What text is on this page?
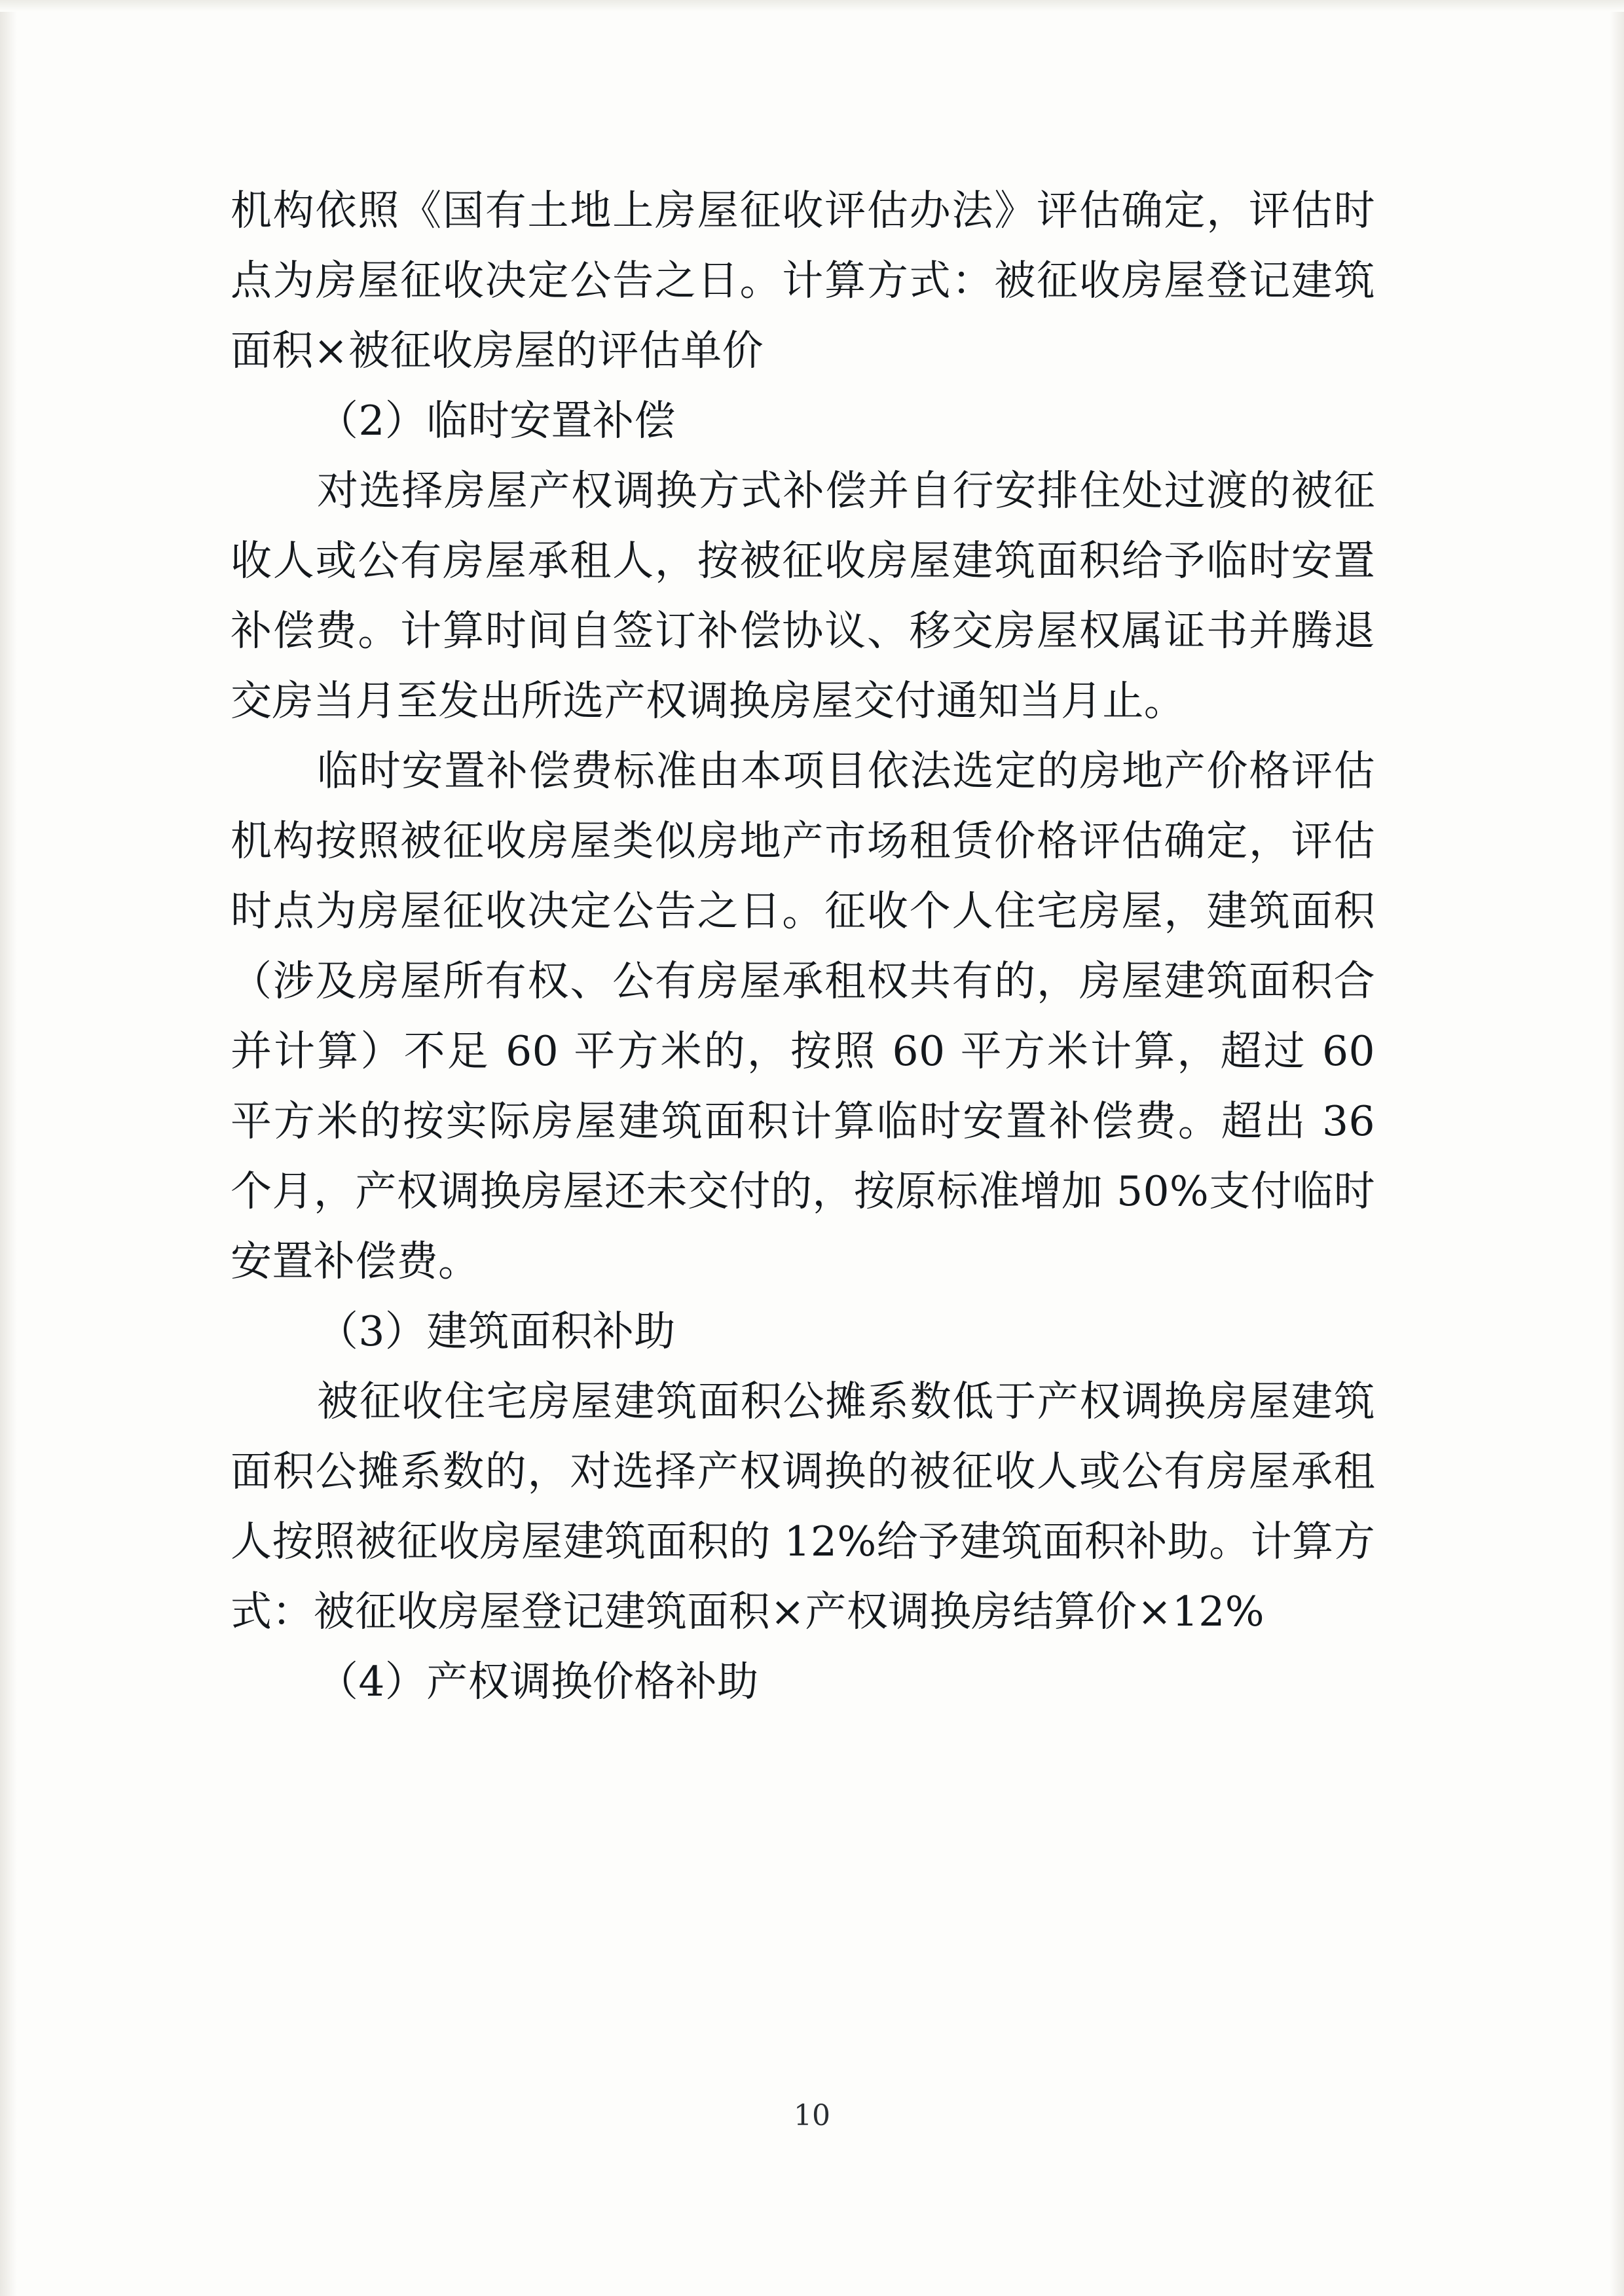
机构依照《国有土地上房屋征收评估办法》评估确定，评估时点为房屋征收决定公告之日。计算方式：被征收房屋登记建筑面积×被征收房屋的评估单价

（2）临时安置补偿

对选择房屋产权调换方式补偿并自行安排住处过渡的被征收人或公有房屋承租人，按被征收房屋建筑面积给予临时安置补偿费。计算时间自签订补偿协议、移交房屋权属证书并腾退交房当月至发出所选产权调换房屋交付通知当月止。

临时安置补偿费标准由本项目依法选定的房地产价格评估机构按照被征收房屋类似房地产市场租赁价格评估确定，评估时点为房屋征收决定公告之日。征收个人住宅房屋，建筑面积（涉及房屋所有权、公有房屋承租权共有的，房屋建筑面积合并计算）不足 60 平方米的，按照 60 平方米计算，超过 60 平方米的按实际房屋建筑面积计算临时安置补偿费。超出 36 个月，产权调换房屋还未交付的，按原标准增加 50%支付临时安置补偿费。

（3）建筑面积补助

被征收住宅房屋建筑面积公摊系数低于产权调换房屋建筑面积公摊系数的，对选择产权调换的被征收人或公有房屋承租人按照被征收房屋建筑面积的 12%给予建筑面积补助。计算方式：被征收房屋登记建筑面积×产权调换房结算价×12%

（4）产权调换价格补助

10
